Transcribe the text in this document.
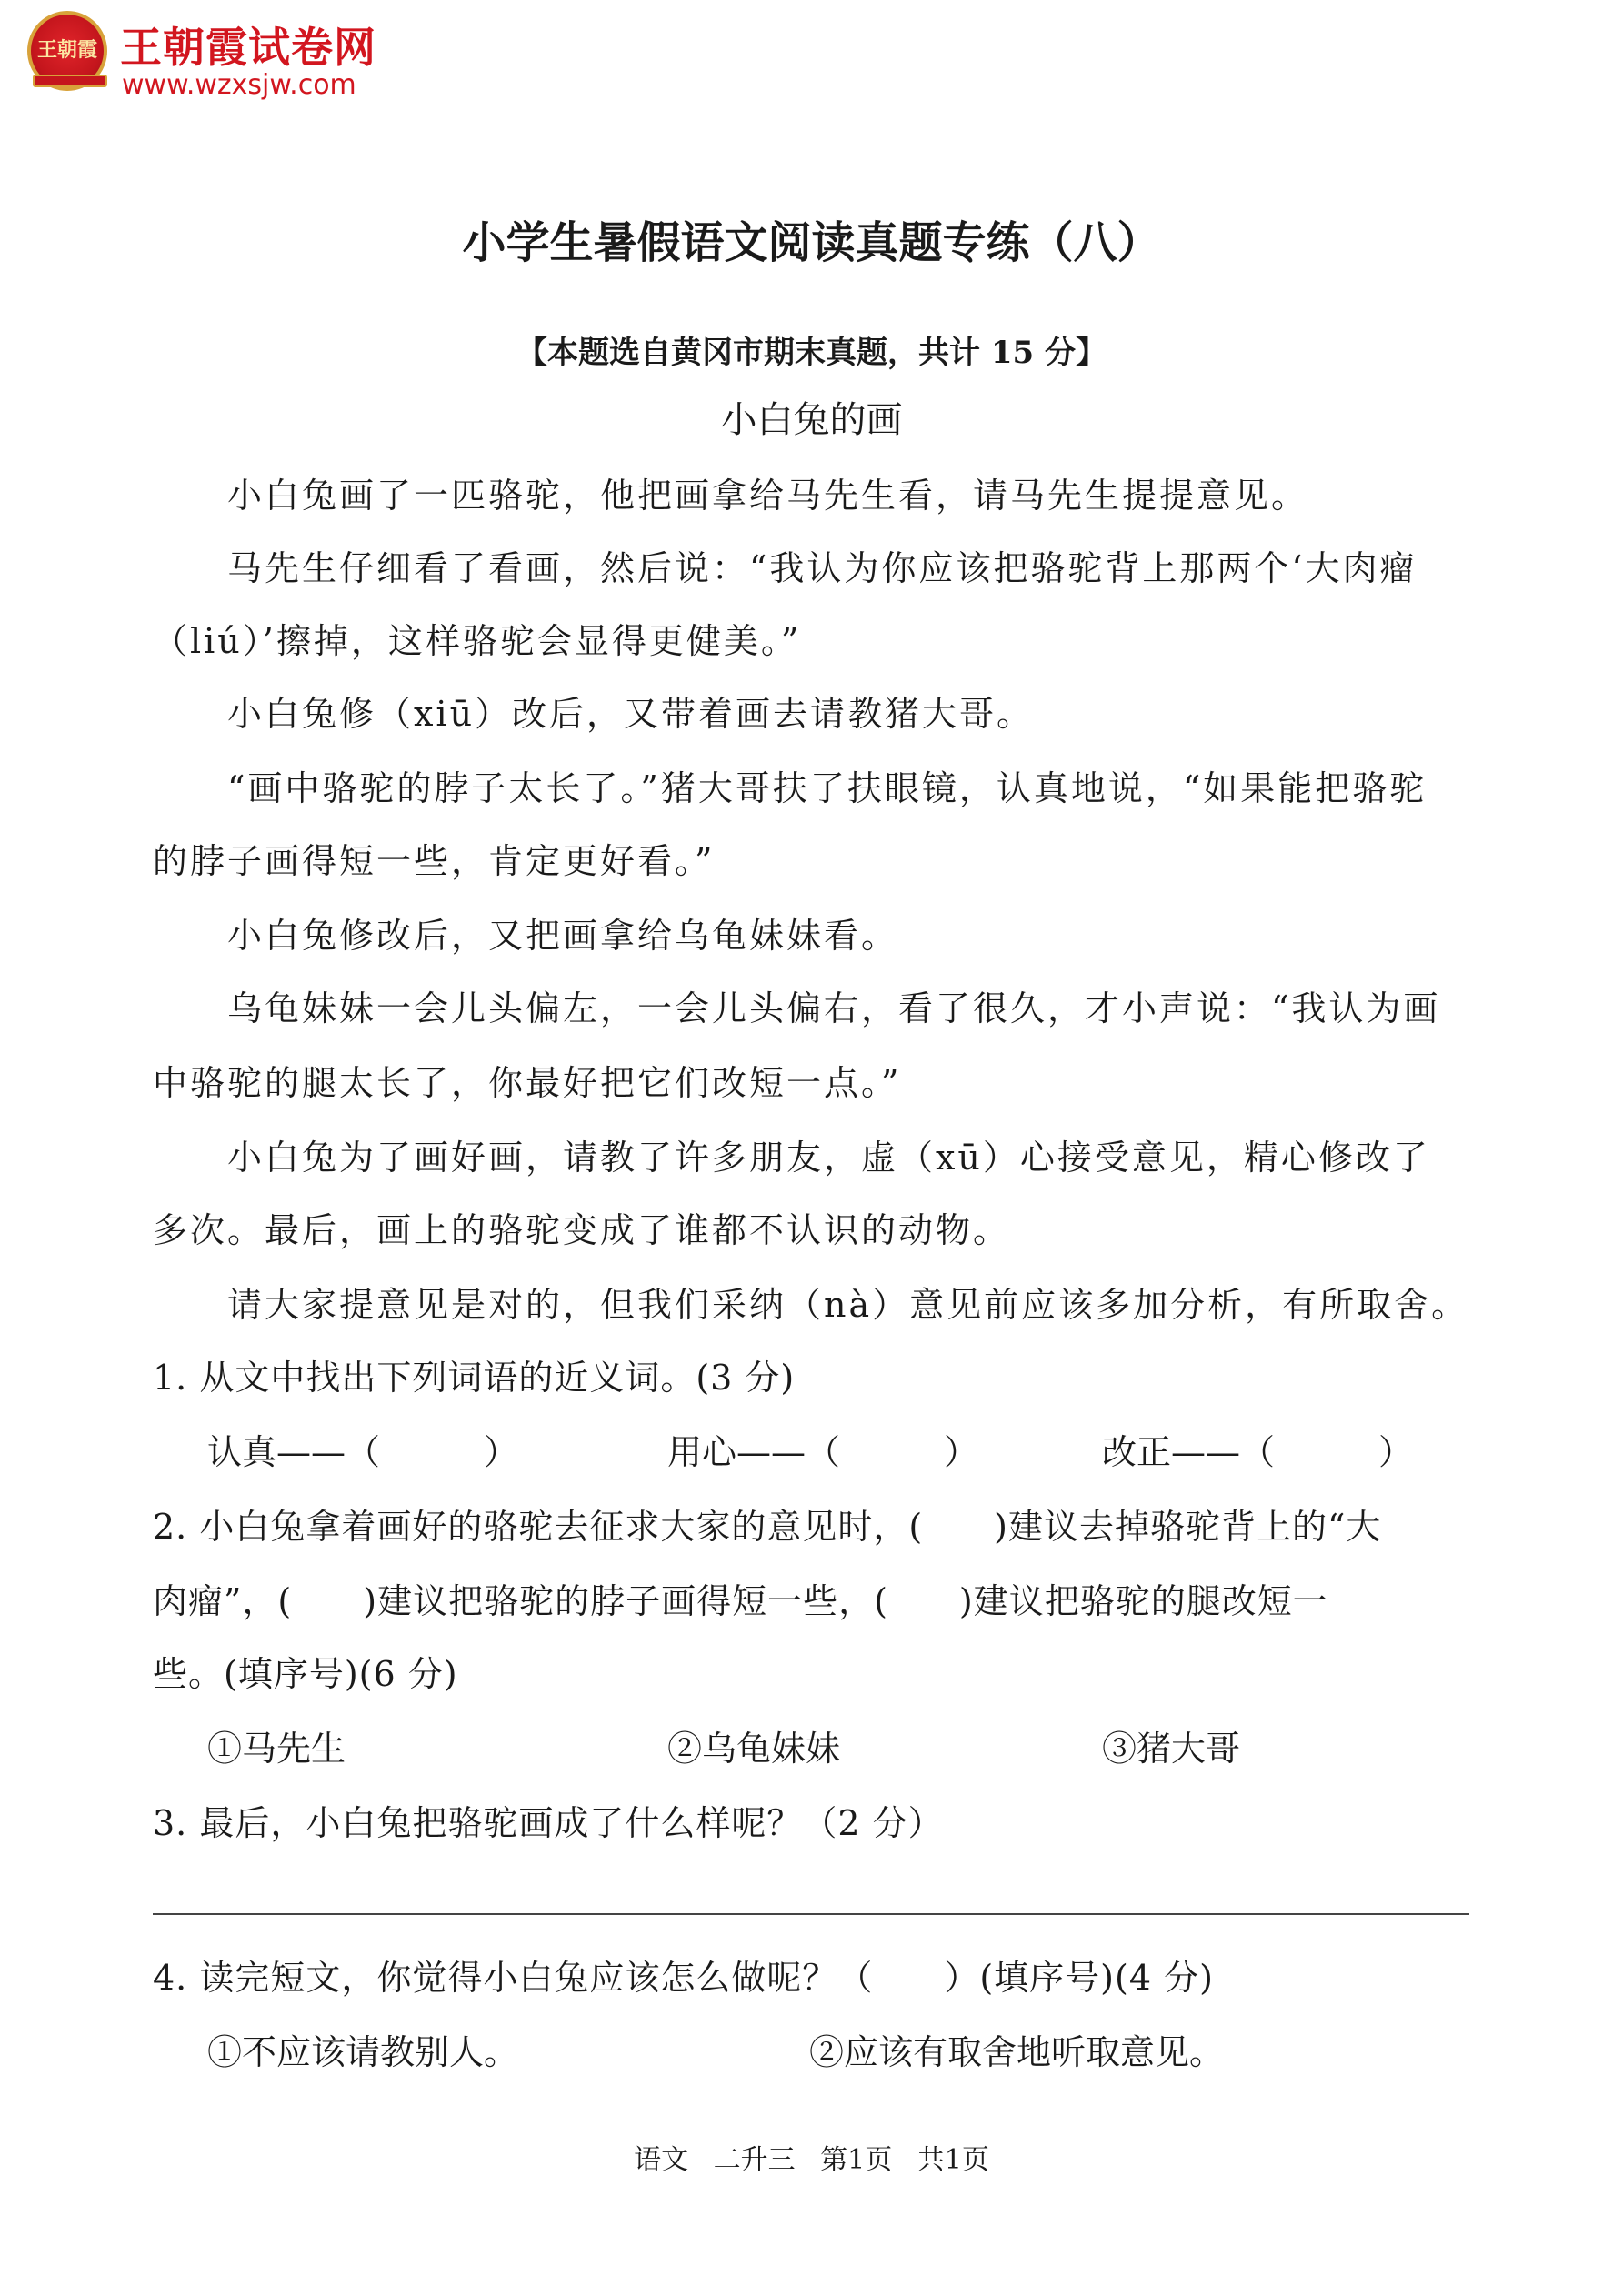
王朝霞 王朝霞试卷网
www.wzxsjw.com
小学生暑假语文阅读真题专练（八）
【本题选自黄冈市期末真题，共计 15 分】
小白兔的画
　　小白兔画了一匹骆驼，他把画拿给马先生看，请马先生提提意见。
　　马先生仔细看了看画，然后说：“我认为你应该把骆驼背上那两个‘大肉瘤
（liú）’擦掉，这样骆驼会显得更健美。”
　　小白兔修（xiū）改后，又带着画去请教猪大哥。
　　“画中骆驼的脖子太长了。”猪大哥扶了扶眼镜，认真地说，“如果能把骆驼
的脖子画得短一些，肯定更好看。”
　　小白兔修改后，又把画拿给乌龟妹妹看。
　　乌龟妹妹一会儿头偏左，一会儿头偏右，看了很久，才小声说：“我认为画
中骆驼的腿太长了，你最好把它们改短一点。”
　　小白兔为了画好画，请教了许多朋友，虚（xū）心接受意见，精心修改了
多次。最后，画上的骆驼变成了谁都不认识的动物。
　　请大家提意见是对的，但我们采纳（nà）意见前应该多加分析，有所取舍。
1. 从文中找出下列词语的近义词。(3 分)
认真——（　　　）	用心——（　　　）	改正——（　　　）
2. 小白兔拿着画好的骆驼去征求大家的意见时，(　　)建议去掉骆驼背上的“大
肉瘤”，(　　)建议把骆驼的脖子画得短一些，(　　)建议把骆驼的腿改短一
些。(填序号)(6 分)
①马先生	②乌龟妹妹	③猪大哥
3. 最后，小白兔把骆驼画成了什么样呢？（2 分）
4. 读完短文，你觉得小白兔应该怎么做呢？（　　）(填序号)(4 分)
①不应该请教别人。	②应该有取舍地听取意见。
语文 二升三 第1页 共1页
